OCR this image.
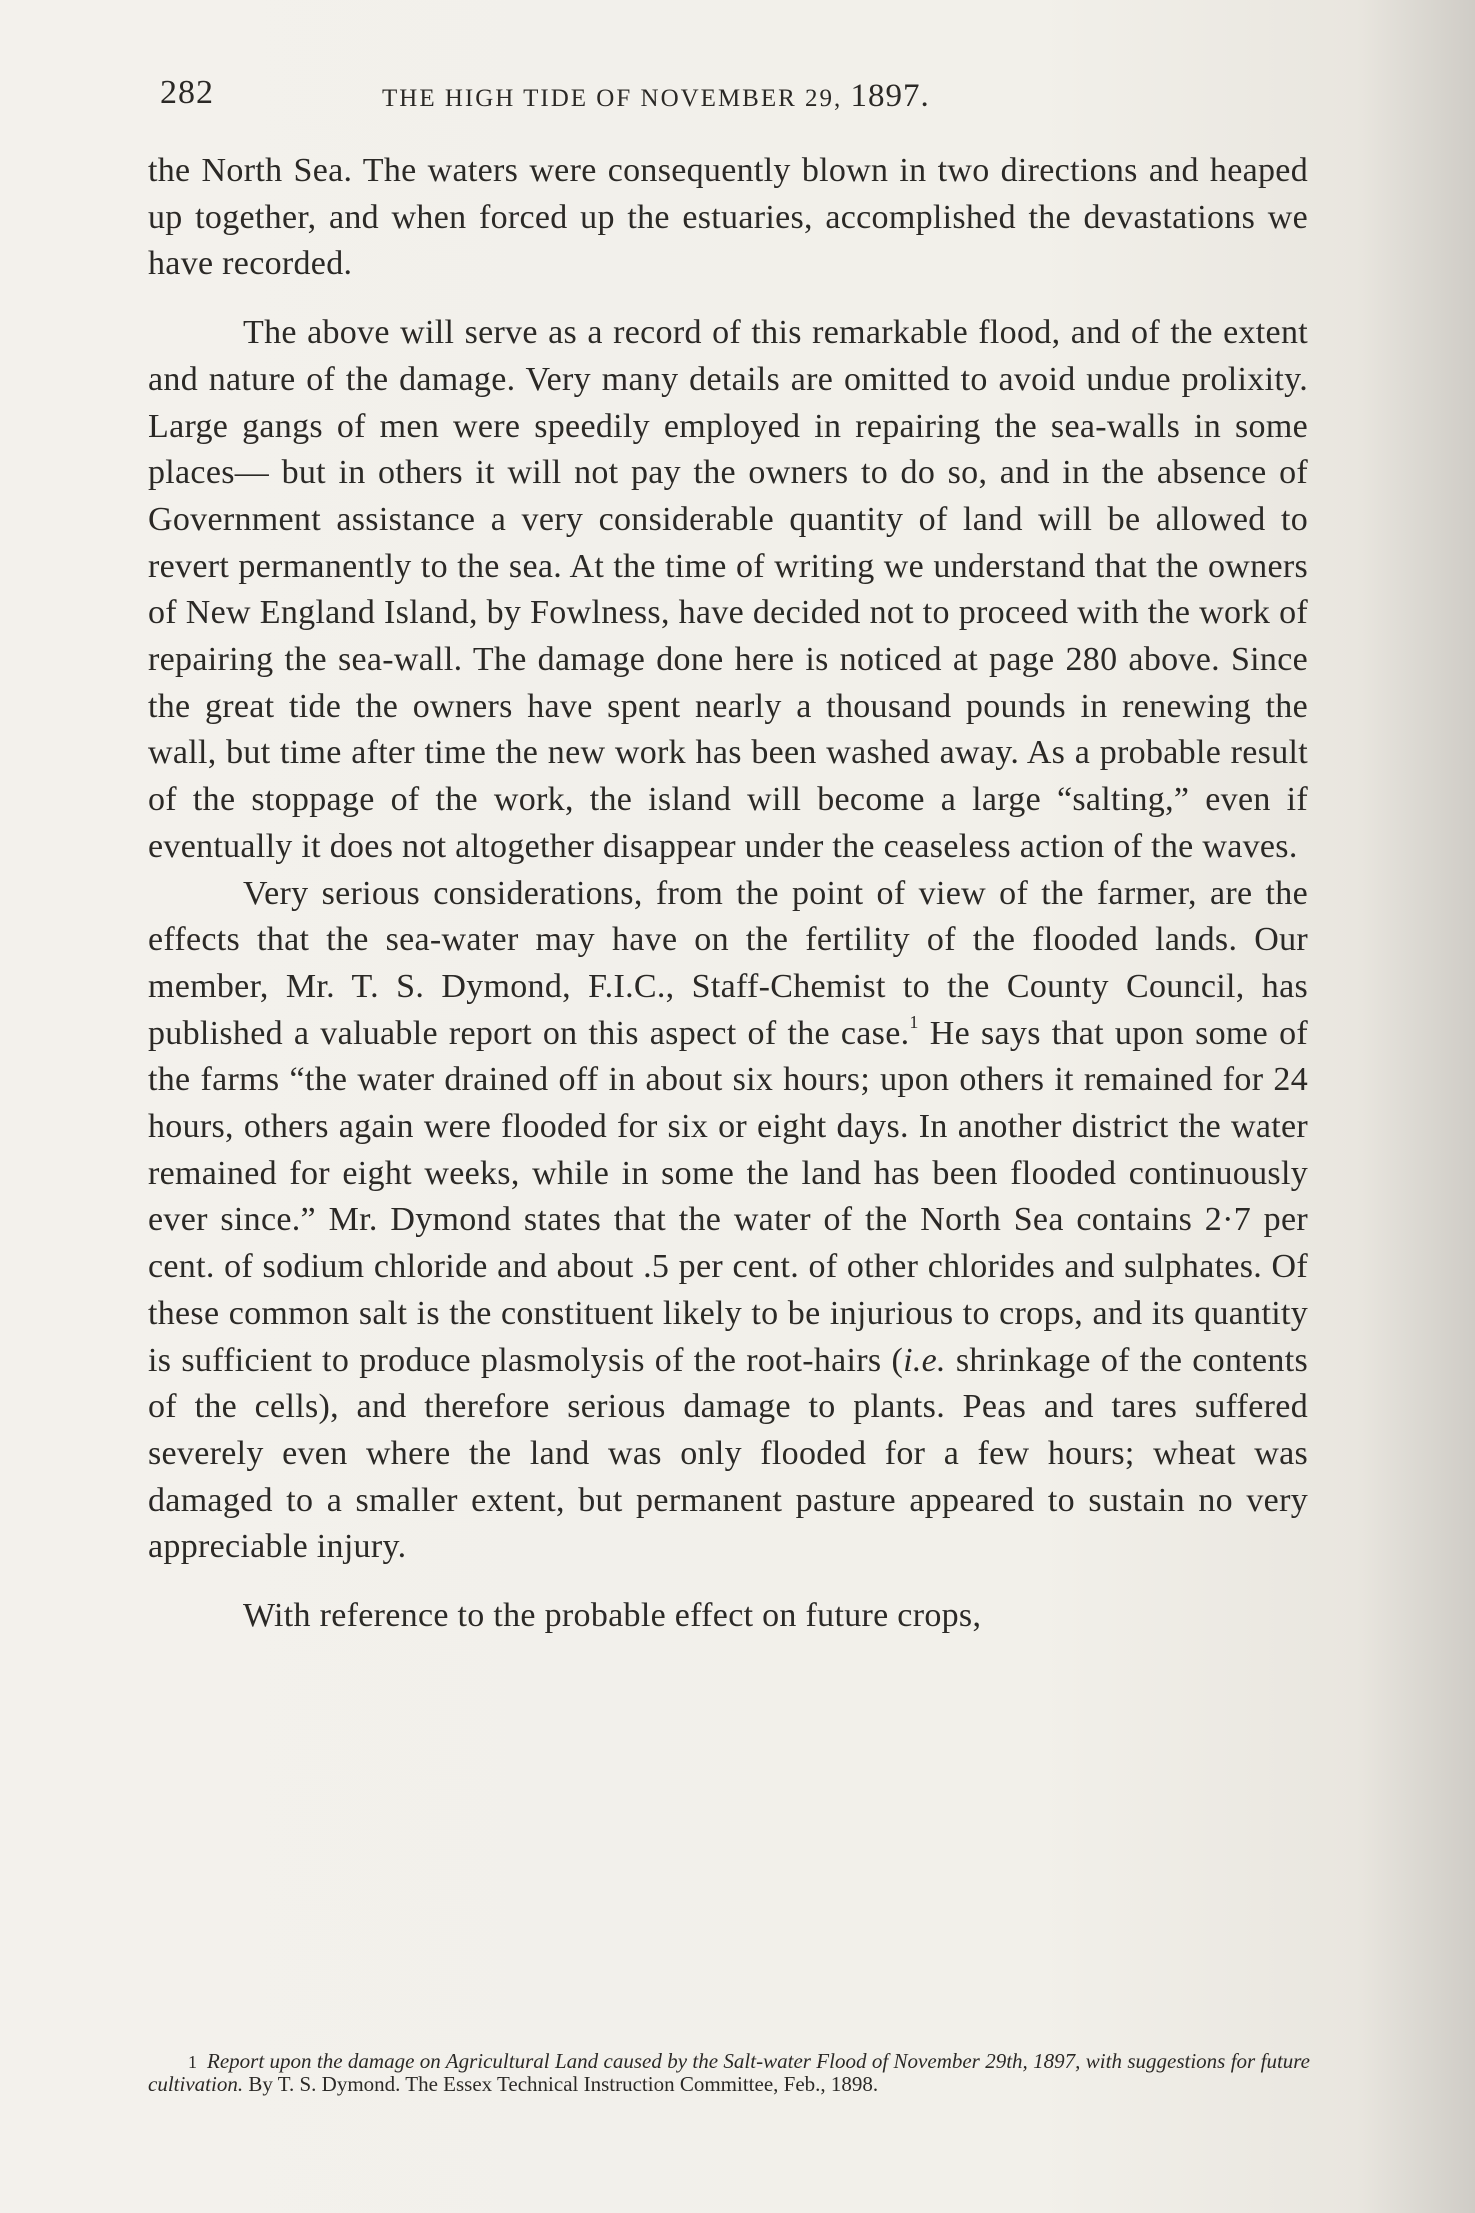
282	THE HIGH TIDE OF NOVEMBER 29, 1897.

the North Sea. The waters were consequently blown in two directions and heaped up together, and when forced up the estuaries, accomplished the devastations we have recorded.

The above will serve as a record of this remarkable flood, and of the extent and nature of the damage. Very many details are omitted to avoid undue prolixity. Large gangs of men were speedily employed in repairing the sea-walls in some places— but in others it will not pay the owners to do so, and in the absence of Government assistance a very considerable quantity of land will be allowed to revert permanently to the sea. At the time of writing we understand that the owners of New England Island, by Fowlness, have decided not to proceed with the work of repairing the sea-wall. The damage done here is noticed at page 280 above. Since the great tide the owners have spent nearly a thousand pounds in renewing the wall, but time after time the new work has been washed away. As a probable result of the stoppage of the work, the island will become a large “salting,” even if eventually it does not altogether disappear under the ceaseless action of the waves.

Very serious considerations, from the point of view of the farmer, are the effects that the sea-water may have on the fertility of the flooded lands. Our member, Mr. T. S. Dymond, F.I.C., Staff-Chemist to the County Council, has published a valuable report on this aspect of the case.$^1$ He says that upon some of the farms “the water drained off in about six hours; upon others it remained for 24 hours, others again were flooded for six or eight days. In another district the water remained for eight weeks, while in some the land has been flooded continuously ever since.” Mr. Dymond states that the water of the North Sea contains 2·7 per cent. of sodium chloride and about .5 per cent. of other chlorides and sulphates. Of these common salt is the constituent likely to be injurious to crops, and its quantity is sufficient to produce plasmolysis of the root-hairs (i.e. shrinkage of the contents of the cells), and therefore serious damage to plants. Peas and tares suffered severely even where the land was only flooded for a few hours; wheat was damaged to a smaller extent, but permanent pasture appeared to sustain no very appreciable injury.

With reference to the probable effect on future crops,

1 Report upon the damage on Agricultural Land caused by the Salt-water Flood of November 29th, 1897, with suggestions for future cultivation. By T. S. Dymond. The Essex Technical Instruction Committee, Feb., 1898.
